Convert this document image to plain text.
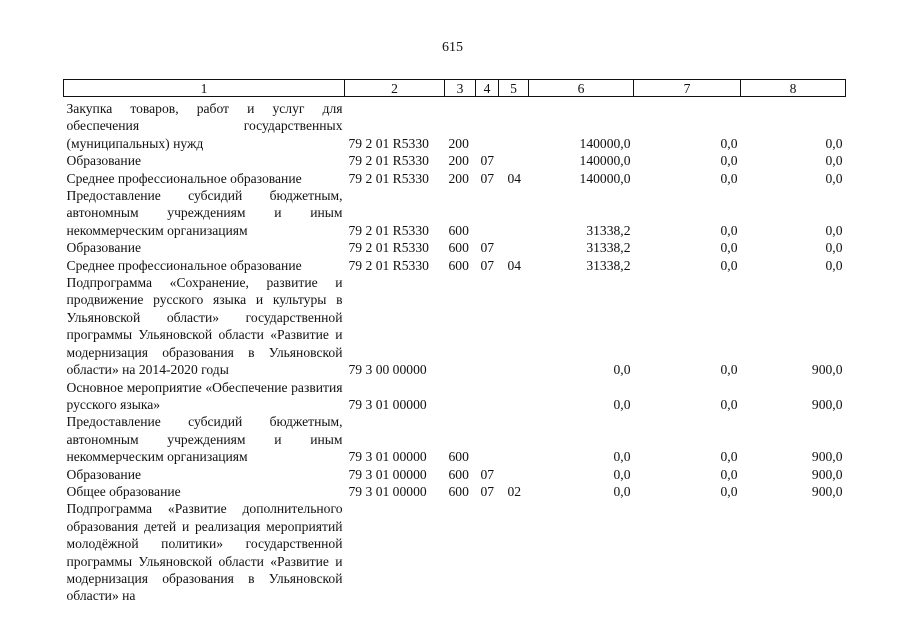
615
1	2	3	4	5	6	7	8
Закупка товаров, работ и услуг для обеспечения государственных (муниципальных) нужд	79 2 01 R5330	200			140000,0	0,0	0,0
Образование	79 2 01 R5330	200	07		140000,0	0,0	0,0
Среднее профессиональное образование	79 2 01 R5330	200	07	04	140000,0	0,0	0,0
Предоставление субсидий бюджетным, автономным учреждениям и иным некоммерческим организациям	79 2 01 R5330	600			31338,2	0,0	0,0
Образование	79 2 01 R5330	600	07		31338,2	0,0	0,0
Среднее профессиональное образование	79 2 01 R5330	600	07	04	31338,2	0,0	0,0
Подпрограмма «Сохранение, развитие и продвижение русского языка и культуры в Ульяновской области» государственной программы Ульяновской области «Развитие и модернизация образования в Ульяновской области» на 2014-2020 годы	79 3 00 00000				0,0	0,0	900,0
Основное мероприятие «Обеспечение развития русского языка»	79 3 01 00000				0,0	0,0	900,0
Предоставление субсидий бюджетным, автономным учреждениям и иным некоммерческим организациям	79 3 01 00000	600			0,0	0,0	900,0
Образование	79 3 01 00000	600	07		0,0	0,0	900,0
Общее образование	79 3 01 00000	600	07	02	0,0	0,0	900,0
Подпрограмма «Развитие дополнительного образования детей и реализация мероприятий молодёжной политики» государственной программы Ульяновской области «Развитие и модернизация образования в Ульяновской области» на							
